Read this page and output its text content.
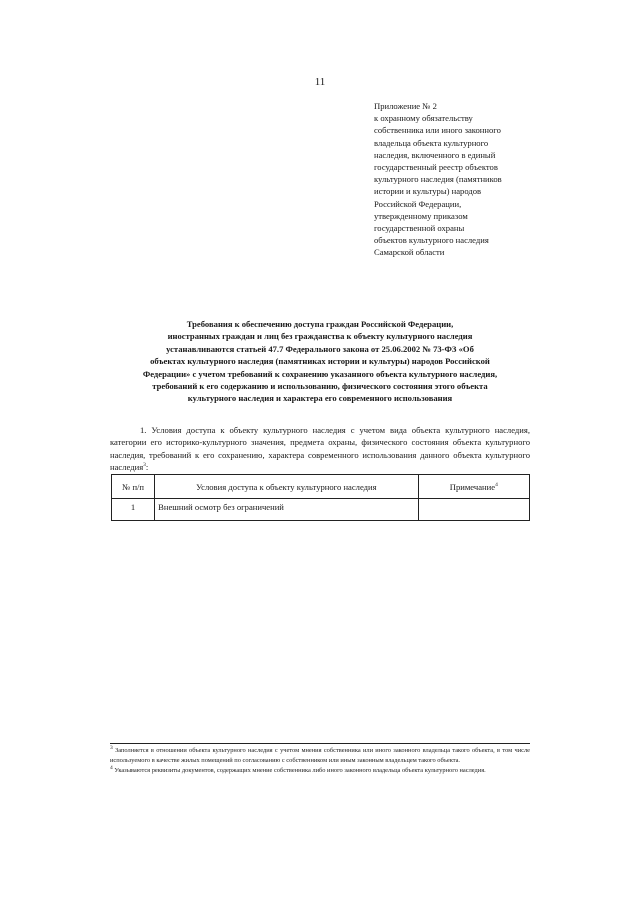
11
Приложение № 2
к охранному обязательству
собственника или иного законного
владельца объекта культурного
наследия, включенного в единый
государственный реестр объектов
культурного наследия (памятников
истории и культуры) народов
Российской Федерации,
утвержденному приказом
государственной охраны
объектов культурного наследия
Самарской области
Требования к обеспечению доступа граждан Российской Федерации,
иностранных граждан и лиц без гражданства к объекту культурного наследия
устанавливаются статьей 47.7 Федерального закона от 25.06.2002 № 73-ФЗ «Об
объектах культурного наследия (памятниках истории и культуры) народов Российской
Федерации» с учетом требований к сохранению указанного объекта культурного наследия,
требований к его содержанию и использованию, физического состояния этого объекта
культурного наследия и характера его современного использования

1. Условия доступа к объекту культурного наследия с учетом вида объекта культурного наследия, категории его историко-культурного значения, предмета охраны, физического состояния объекта культурного наследия, требований к его сохранению, характера современного использования данного объекта культурного наследия$^3$:

№ п/п	Условия доступа к объекту культурного наследия	Примечание$^4$
1	Внешний осмотр без ограничений	

$^3$ Заполняется в отношении объекта культурного наследия с учетом мнения собственника или иного законного владельца такого объекта, в том числе используемого в качестве жилых помещений по согласованию с собственником или иным законным владельцем такого объекта.

$^4$ Указываются реквизиты документов, содержащих мнение собственника либо иного законного владельца объекта культурного наследия.
